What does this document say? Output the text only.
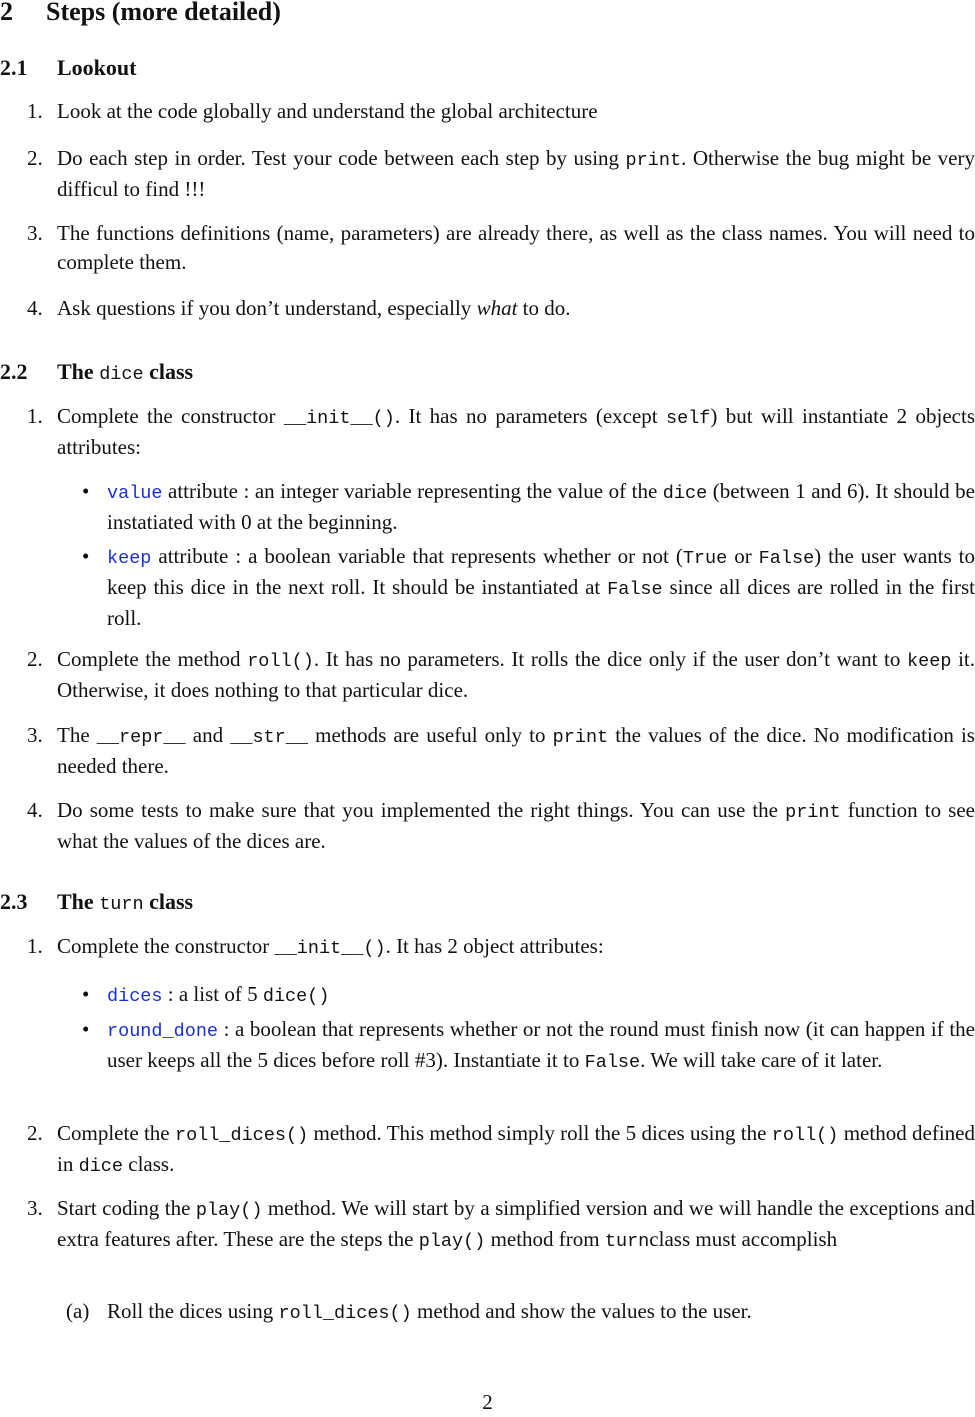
2 Steps (more detailed)
2.1 Lookout
1. Look at the code globally and understand the global architecture
2. Do each step in order. Test your code between each step by using print. Otherwise the bug might be very difficul to find !!!
3. The functions definitions (name, parameters) are already there, as well as the class names. You will need to complete them.
4. Ask questions if you don’t understand, especially what to do.
2.2 The dice class
1. Complete the constructor __init__(). It has no parameters (except self) but will instantiate 2 objects attributes:
• value attribute : an integer variable representing the value of the dice (between 1 and 6). It should be instatiated with 0 at the beginning.
• keep attribute : a boolean variable that represents whether or not (True or False) the user wants to keep this dice in the next roll. It should be instantiated at False since all dices are rolled in the first roll.
2. Complete the method roll(). It has no parameters. It rolls the dice only if the user don’t want to keep it. Otherwise, it does nothing to that particular dice.
3. The __repr__ and __str__ methods are useful only to print the values of the dice. No modification is needed there.
4. Do some tests to make sure that you implemented the right things. You can use the print function to see what the values of the dices are.
2.3 The turn class
1. Complete the constructor __init__(). It has 2 object attributes:
• dices : a list of 5 dice()
• round_done : a boolean that represents whether or not the round must finish now (it can happen if the user keeps all the 5 dices before roll #3). Instantiate it to False. We will take care of it later.
2. Complete the roll_dices() method. This method simply roll the 5 dices using the roll() method defined in dice class.
3. Start coding the play() method. We will start by a simplified version and we will handle the exceptions and extra features after. These are the steps the play() method from turnclass must accomplish
(a) Roll the dices using roll_dices() method and show the values to the user.
2
